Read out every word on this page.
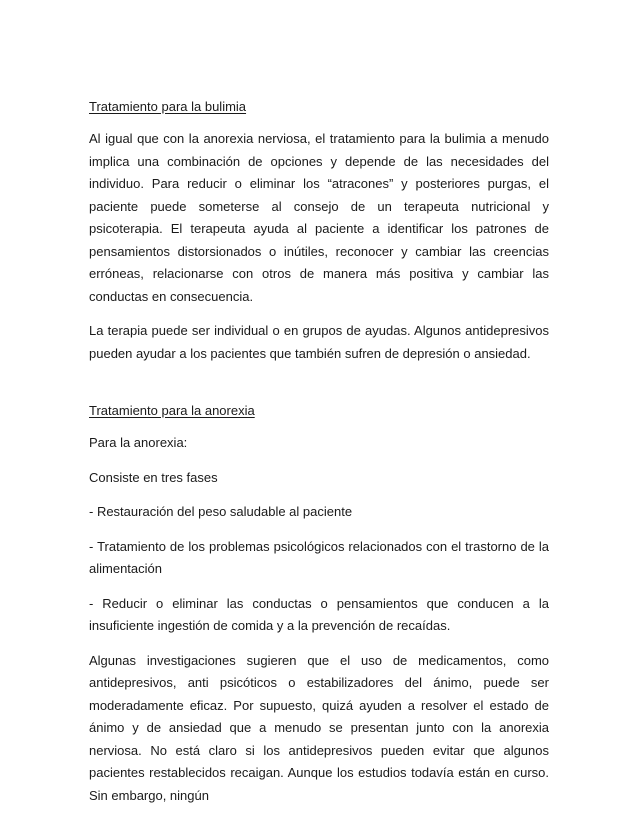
Tratamiento para la bulimia

Al igual que con la anorexia nerviosa, el tratamiento para la bulimia a menudo implica una combinación de opciones y depende de las necesidades del individuo. Para reducir o eliminar los “atracones” y posteriores purgas, el paciente puede someterse al consejo de un terapeuta nutricional y psicoterapia. El terapeuta ayuda al paciente a identificar los patrones de pensamientos distorsionados o inútiles, reconocer y cambiar las creencias erróneas, relacionarse con otros de manera más positiva y cambiar las conductas en consecuencia.

La terapia puede ser individual o en grupos de ayudas. Algunos antidepresivos pueden ayudar a los pacientes que también sufren de depresión o ansiedad.

Tratamiento para la anorexia

Para la anorexia:

Consiste en tres fases

- Restauración del peso saludable al paciente

- Tratamiento de los problemas psicológicos relacionados con el trastorno de la alimentación

- Reducir o eliminar las conductas o pensamientos que conducen a la insuficiente ingestión de comida y a la prevención de recaídas.

Algunas investigaciones sugieren que el uso de medicamentos, como antidepresivos, anti psicóticos o estabilizadores del ánimo, puede ser moderadamente eficaz. Por supuesto, quizá ayuden a resolver el estado de ánimo y de ansiedad que a menudo se presentan junto con la anorexia nerviosa. No está claro si los antidepresivos pueden evitar que algunos pacientes restablecidos recaigan. Aunque los estudios todavía están en curso. Sin embargo, ningún
